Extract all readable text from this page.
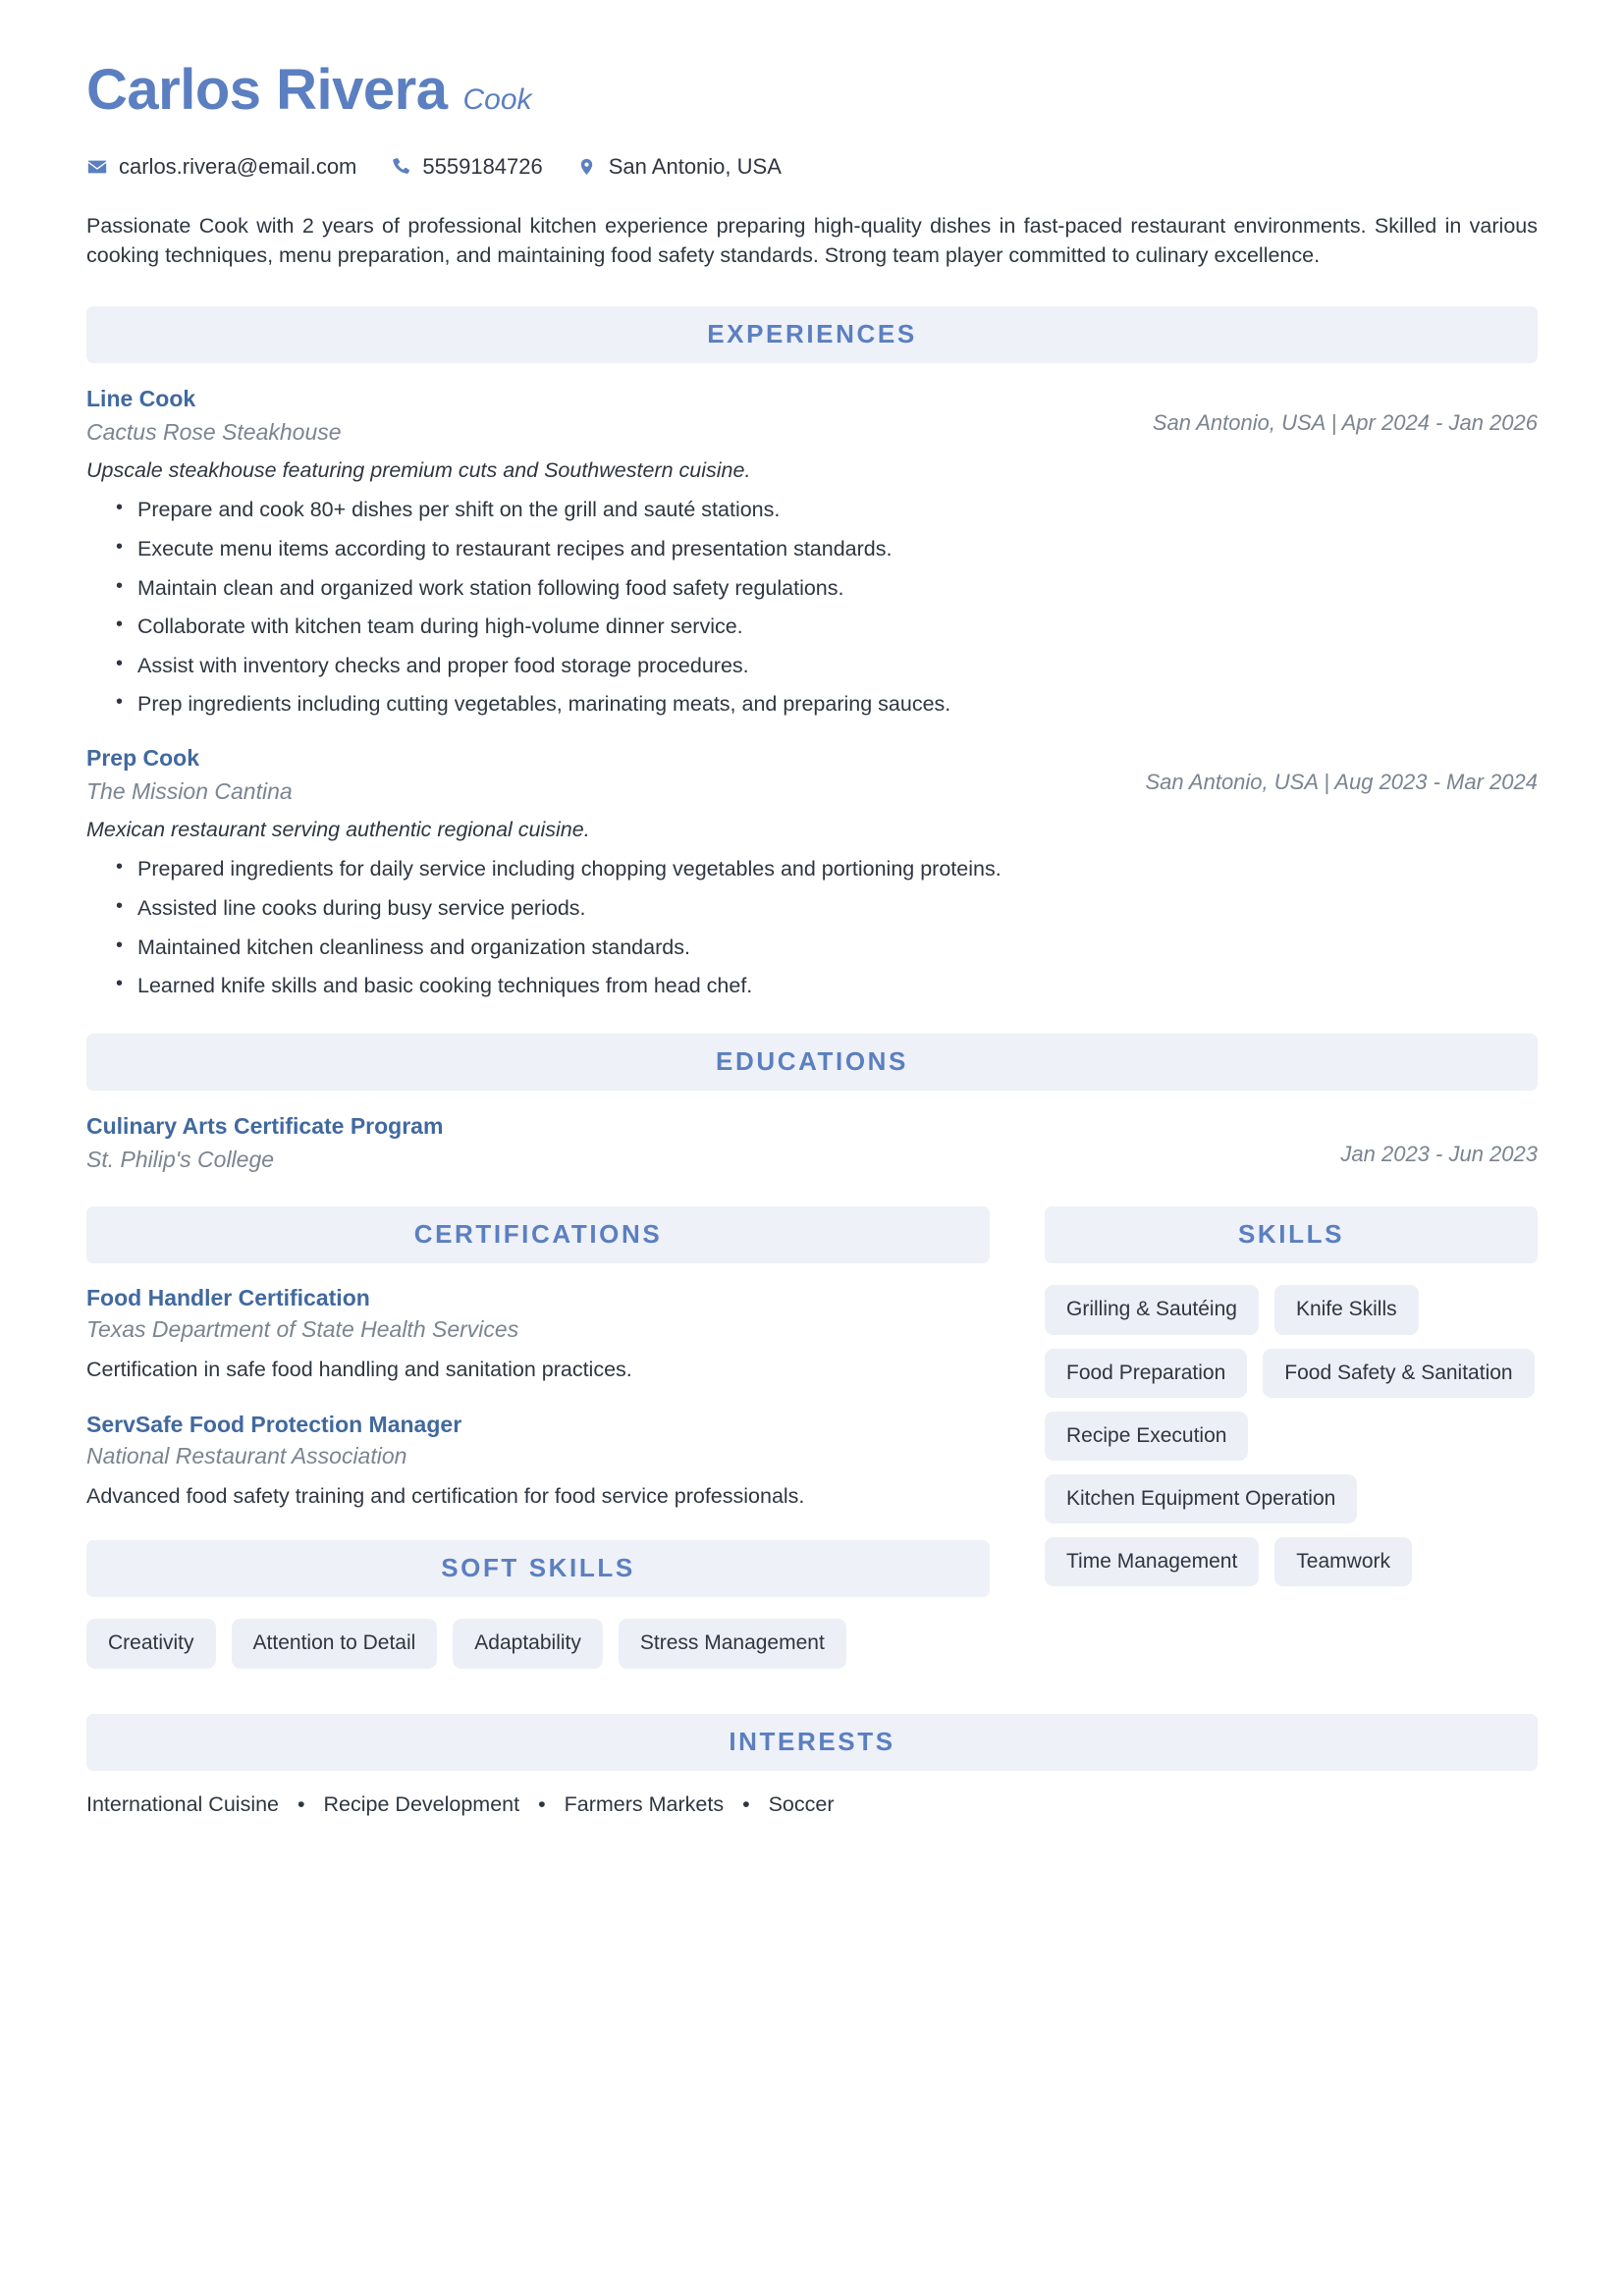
Carlos Rivera Cook
carlos.rivera@email.com	5559184726	San Antonio, USA
Passionate Cook with 2 years of professional kitchen experience preparing high-quality dishes in fast-paced restaurant environments. Skilled in various cooking techniques, menu preparation, and maintaining food safety standards. Strong team player committed to culinary excellence.
EXPERIENCES
Line Cook
Cactus Rose Steakhouse	San Antonio, USA | Apr 2024 - Jan 2026
Upscale steakhouse featuring premium cuts and Southwestern cuisine.
• Prepare and cook 80+ dishes per shift on the grill and sauté stations.
• Execute menu items according to restaurant recipes and presentation standards.
• Maintain clean and organized work station following food safety regulations.
• Collaborate with kitchen team during high-volume dinner service.
• Assist with inventory checks and proper food storage procedures.
• Prep ingredients including cutting vegetables, marinating meats, and preparing sauces.
Prep Cook
The Mission Cantina	San Antonio, USA | Aug 2023 - Mar 2024
Mexican restaurant serving authentic regional cuisine.
• Prepared ingredients for daily service including chopping vegetables and portioning proteins.
• Assisted line cooks during busy service periods.
• Maintained kitchen cleanliness and organization standards.
• Learned knife skills and basic cooking techniques from head chef.
EDUCATIONS
Culinary Arts Certificate Program
St. Philip's College	Jan 2023 - Jun 2023
CERTIFICATIONS
Food Handler Certification
Texas Department of State Health Services
Certification in safe food handling and sanitation practices.
ServSafe Food Protection Manager
National Restaurant Association
Advanced food safety training and certification for food service professionals.
SOFT SKILLS
Creativity	Attention to Detail	Adaptability	Stress Management
SKILLS
Grilling & Sautéing	Knife Skills
Food Preparation	Food Safety & Sanitation
Recipe Execution
Kitchen Equipment Operation
Time Management	Teamwork
INTERESTS
International Cuisine • Recipe Development • Farmers Markets • Soccer
